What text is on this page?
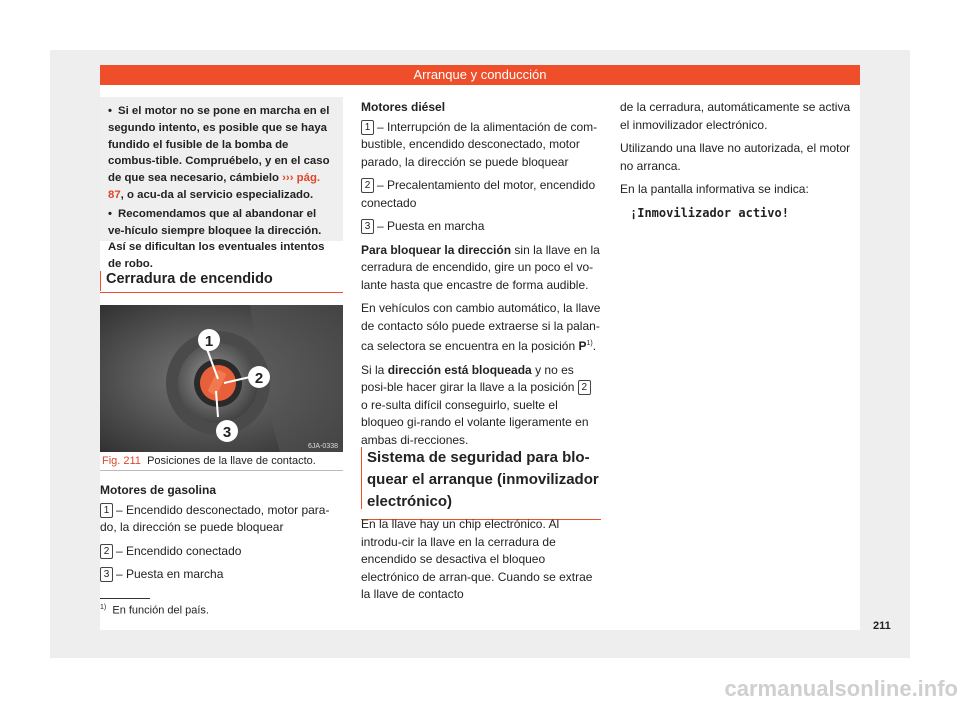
Arranque y conducción

• Si el motor no se pone en marcha en el segundo intento, es posible que se haya fundido el fusible de la bomba de combus-tible. Compruébelo, y en el caso de que sea necesario, cámbielo ››› pág. 87, o acu-da al servicio especializado.

• Recomendamos que al abandonar el ve-hículo siempre bloquee la dirección. Así se dificultan los eventuales intentos de robo.

Cerradura de encendido
1
2
3
6JA-0338
Fig. 211 Posiciones de la llave de contacto.

Motores de gasolina

1 – Encendido desconectado, motor para-do, la dirección se puede bloquear

2 – Encendido conectado

3 – Puesta en marcha

Motores diésel

1 – Interrupción de la alimentación de com-bustible, encendido desconectado, motor parado, la dirección se puede bloquear

2 – Precalentamiento del motor, encendido conectado

3 – Puesta en marcha

Para bloquear la dirección sin la llave en la cerradura de encendido, gire un poco el vo-lante hasta que encastre de forma audible.

En vehículos con cambio automático, la llave de contacto sólo puede extraerse si la palan-ca selectora se encuentra en la posición $P^{1)}$.

Si la dirección está bloqueada y no es posi-ble hacer girar la llave a la posición 2 o re-sulta difícil conseguirlo, suelte el bloqueo gi-rando el volante ligeramente en ambas di-recciones.

Sistema de seguridad para blo-quear el arranque (inmovilizador electrónico)

En la llave hay un chip electrónico. Al introdu-cir la llave en la cerradura de encendido se desactiva el bloqueo electrónico de arran-que. Cuando se extrae la llave de contacto

de la cerradura, automáticamente se activa el inmovilizador electrónico.

Utilizando una llave no autorizada, el motor no arranca.

En la pantalla informativa se indica:

¡Inmovilizador activo!

$^{1)}$ En función del país.
211
carmanualsonline.info
